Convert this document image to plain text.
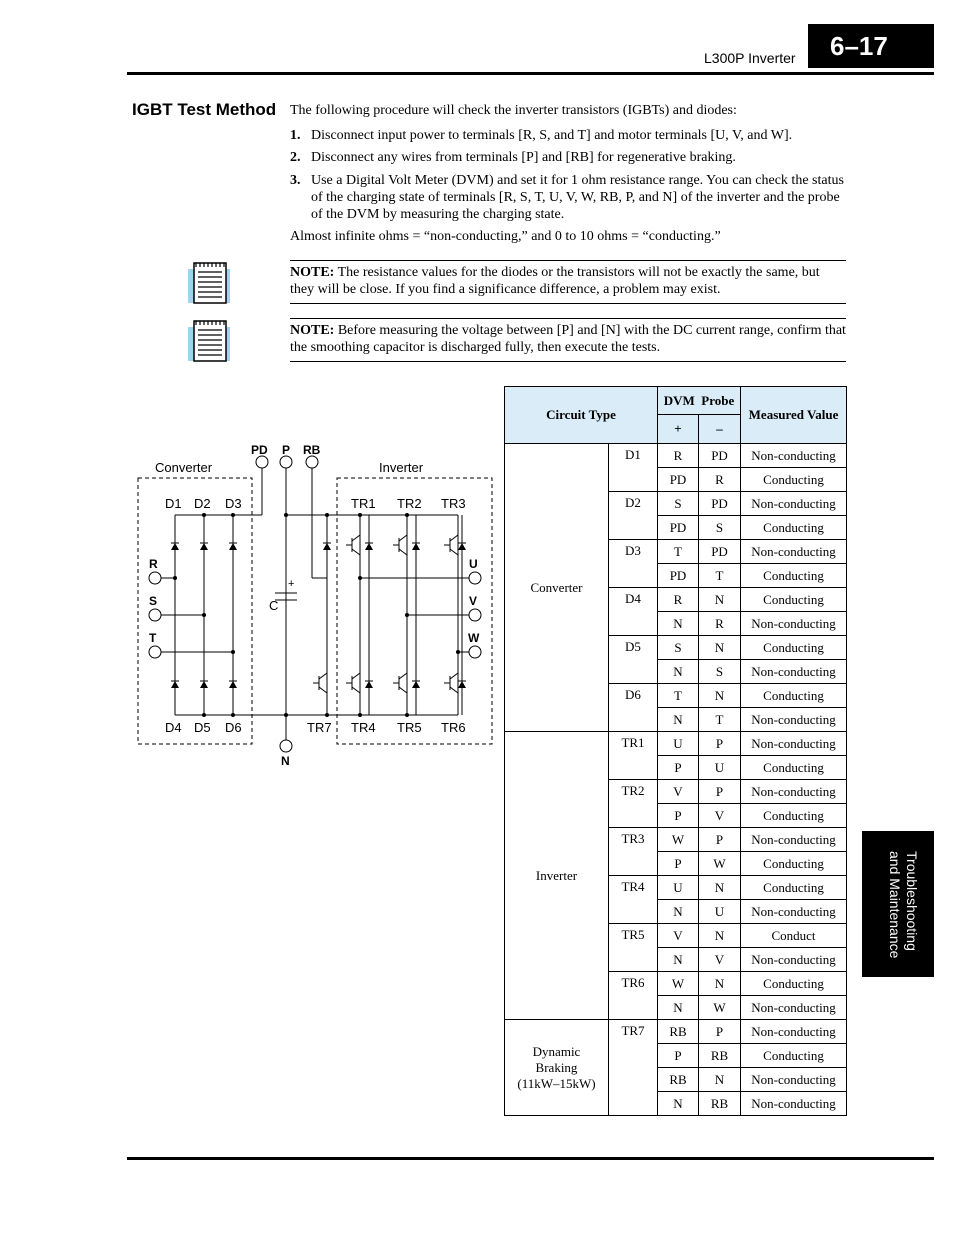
L300P Inverter	6–17
Troubleshooting
and Maintenance
IGBT Test Method The following procedure will check the inverter transistors (IGBTs) and diodes:
1. Disconnect input power to terminals [R, S, and T] and motor terminals [U, V, and W].
2. Disconnect any wires from terminals [P] and [RB] for regenerative braking.
3. Use a Digital Volt Meter (DVM) and set it for 1 ohm resistance range. You can check the status of the charging state of terminals [R, S, T, U, V, W, RB, P, and N] of the inverter and the probe of the DVM by measuring the charging state.
Almost infinite ohms = “non-conducting,” and 0 to 10 ohms = “conducting.”
NOTE: The resistance values for the diodes or the transistors will not be exactly the same, but they will be close. If you find a significance difference, a problem may exist.
NOTE: Before measuring the voltage between [P] and [N] with the DC current range, confirm that the smoothing capacitor is discharged fully, then execute the tests.
Converter	Inverter
PD P RB
N
C
+
R
S
T
U
V
W
D1 D2 D3
D4 D5 D6
TR1 TR2 TR3
TR4 TR5 TR6
TR7
Circuit Type		DVM  Probe		Measured Value
		+	–	
Converter	D1	R	PD	Non-conducting
		PD	R	Conducting
	D2	S	PD	Non-conducting
		PD	S	Conducting
	D3	T	PD	Non-conducting
		PD	T	Conducting
	D4	R	N	Conducting
		N	R	Non-conducting
	D5	S	N	Conducting
		N	S	Non-conducting
	D6	T	N	Conducting
		N	T	Non-conducting
Inverter	TR1	U	P	Non-conducting
		P	U	Conducting
	TR2	V	P	Non-conducting
		P	V	Conducting
	TR3	W	P	Non-conducting
		P	W	Conducting
	TR4	U	N	Conducting
		N	U	Non-conducting
	TR5	V	N	Conduct
		N	V	Non-conducting
	TR6	W	N	Conducting
		N	W	Non-conducting

Dynamic
Braking
(11kW–15kW)	TR7	RB	P	Non-conducting
		P	RB	Conducting
		RB	N	Non-conducting
		N	RB	Non-conducting
